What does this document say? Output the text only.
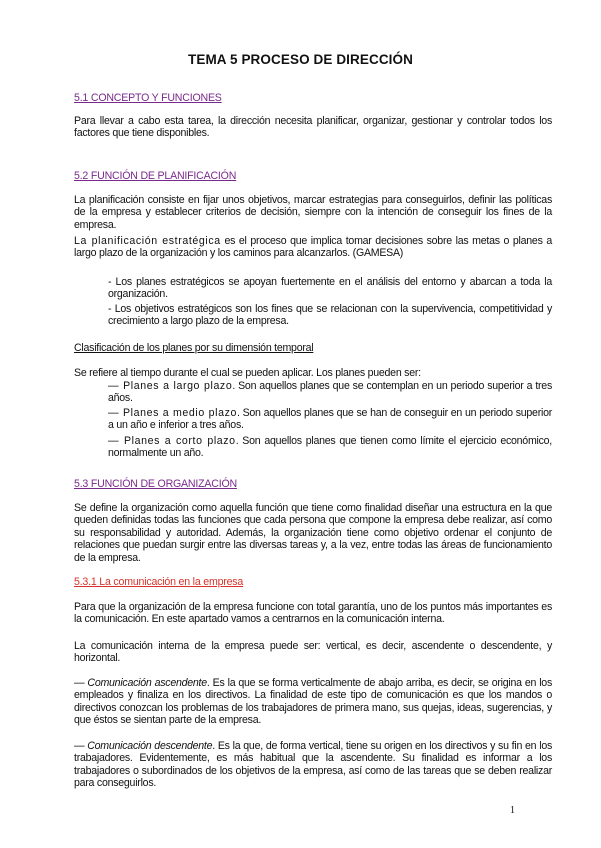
TEMA 5 PROCESO DE DIRECCIÓN
5.1 CONCEPTO Y FUNCIONES
Para llevar a cabo esta tarea, la dirección necesita planificar, organizar, gestionar y controlar todos los factores que tiene disponibles.
5.2 FUNCIÓN DE PLANIFICACIÓN
La planificación consiste en fijar unos objetivos, marcar estrategias para conseguirlos, definir las políticas de la empresa y establecer criterios de decisión, siempre con la intención de conseguir los fines de la empresa.
La planificación estratégica es el proceso que implica tomar decisiones sobre las metas o planes a largo plazo de la organización y los caminos para alcanzarlos. (GAMESA)
- Los planes estratégicos se apoyan fuertemente en el análisis del entorno y abarcan a toda la organización.
- Los objetivos estratégicos son los fines que se relacionan con la supervivencia, competitividad y crecimiento a largo plazo de la empresa.
Clasificación de los planes por su dimensión temporal
Se refiere al tiempo durante el cual se pueden aplicar. Los planes pueden ser:
— Planes a largo plazo. Son aquellos planes que se contemplan en un periodo superior a tres años.
— Planes a medio plazo. Son aquellos planes que se han de conseguir en un periodo superior a un año e inferior a tres años.
— Planes a corto plazo. Son aquellos planes que tienen como límite el ejercicio económico, normalmente un año.
5.3 FUNCIÓN DE ORGANIZACIÓN
Se define la organización como aquella función que tiene como finalidad diseñar una estructura en la que queden definidas todas las funciones que cada persona que compone la empresa debe realizar, así como su responsabilidad y autoridad. Además, la organización tiene como objetivo ordenar el conjunto de relaciones que puedan surgir entre las diversas tareas y, a la vez, entre todas las áreas de funcionamiento de la empresa.
5.3.1 La comunicación en la empresa
Para que la organización de la empresa funcione con total garantía, uno de los puntos más importantes es la comunicación. En este apartado vamos a centrarnos en la comunicación interna.
La comunicación interna de la empresa puede ser: vertical, es decir, ascendente o descendente, y horizontal.
— Comunicación ascendente. Es la que se forma verticalmente de abajo arriba, es decir, se origina en los empleados y finaliza en los directivos. La finalidad de este tipo de comunicación es que los mandos o directivos conozcan los problemas de los trabajadores de primera mano, sus quejas, ideas, sugerencias, y que éstos se sientan parte de la empresa.
— Comunicación descendente. Es la que, de forma vertical, tiene su origen en los directivos y su fin en los trabajadores. Evidentemente, es más habitual que la ascendente. Su finalidad es informar a los trabajadores o subordinados de los objetivos de la empresa, así como de las tareas que se deben realizar para conseguirlos.
1
